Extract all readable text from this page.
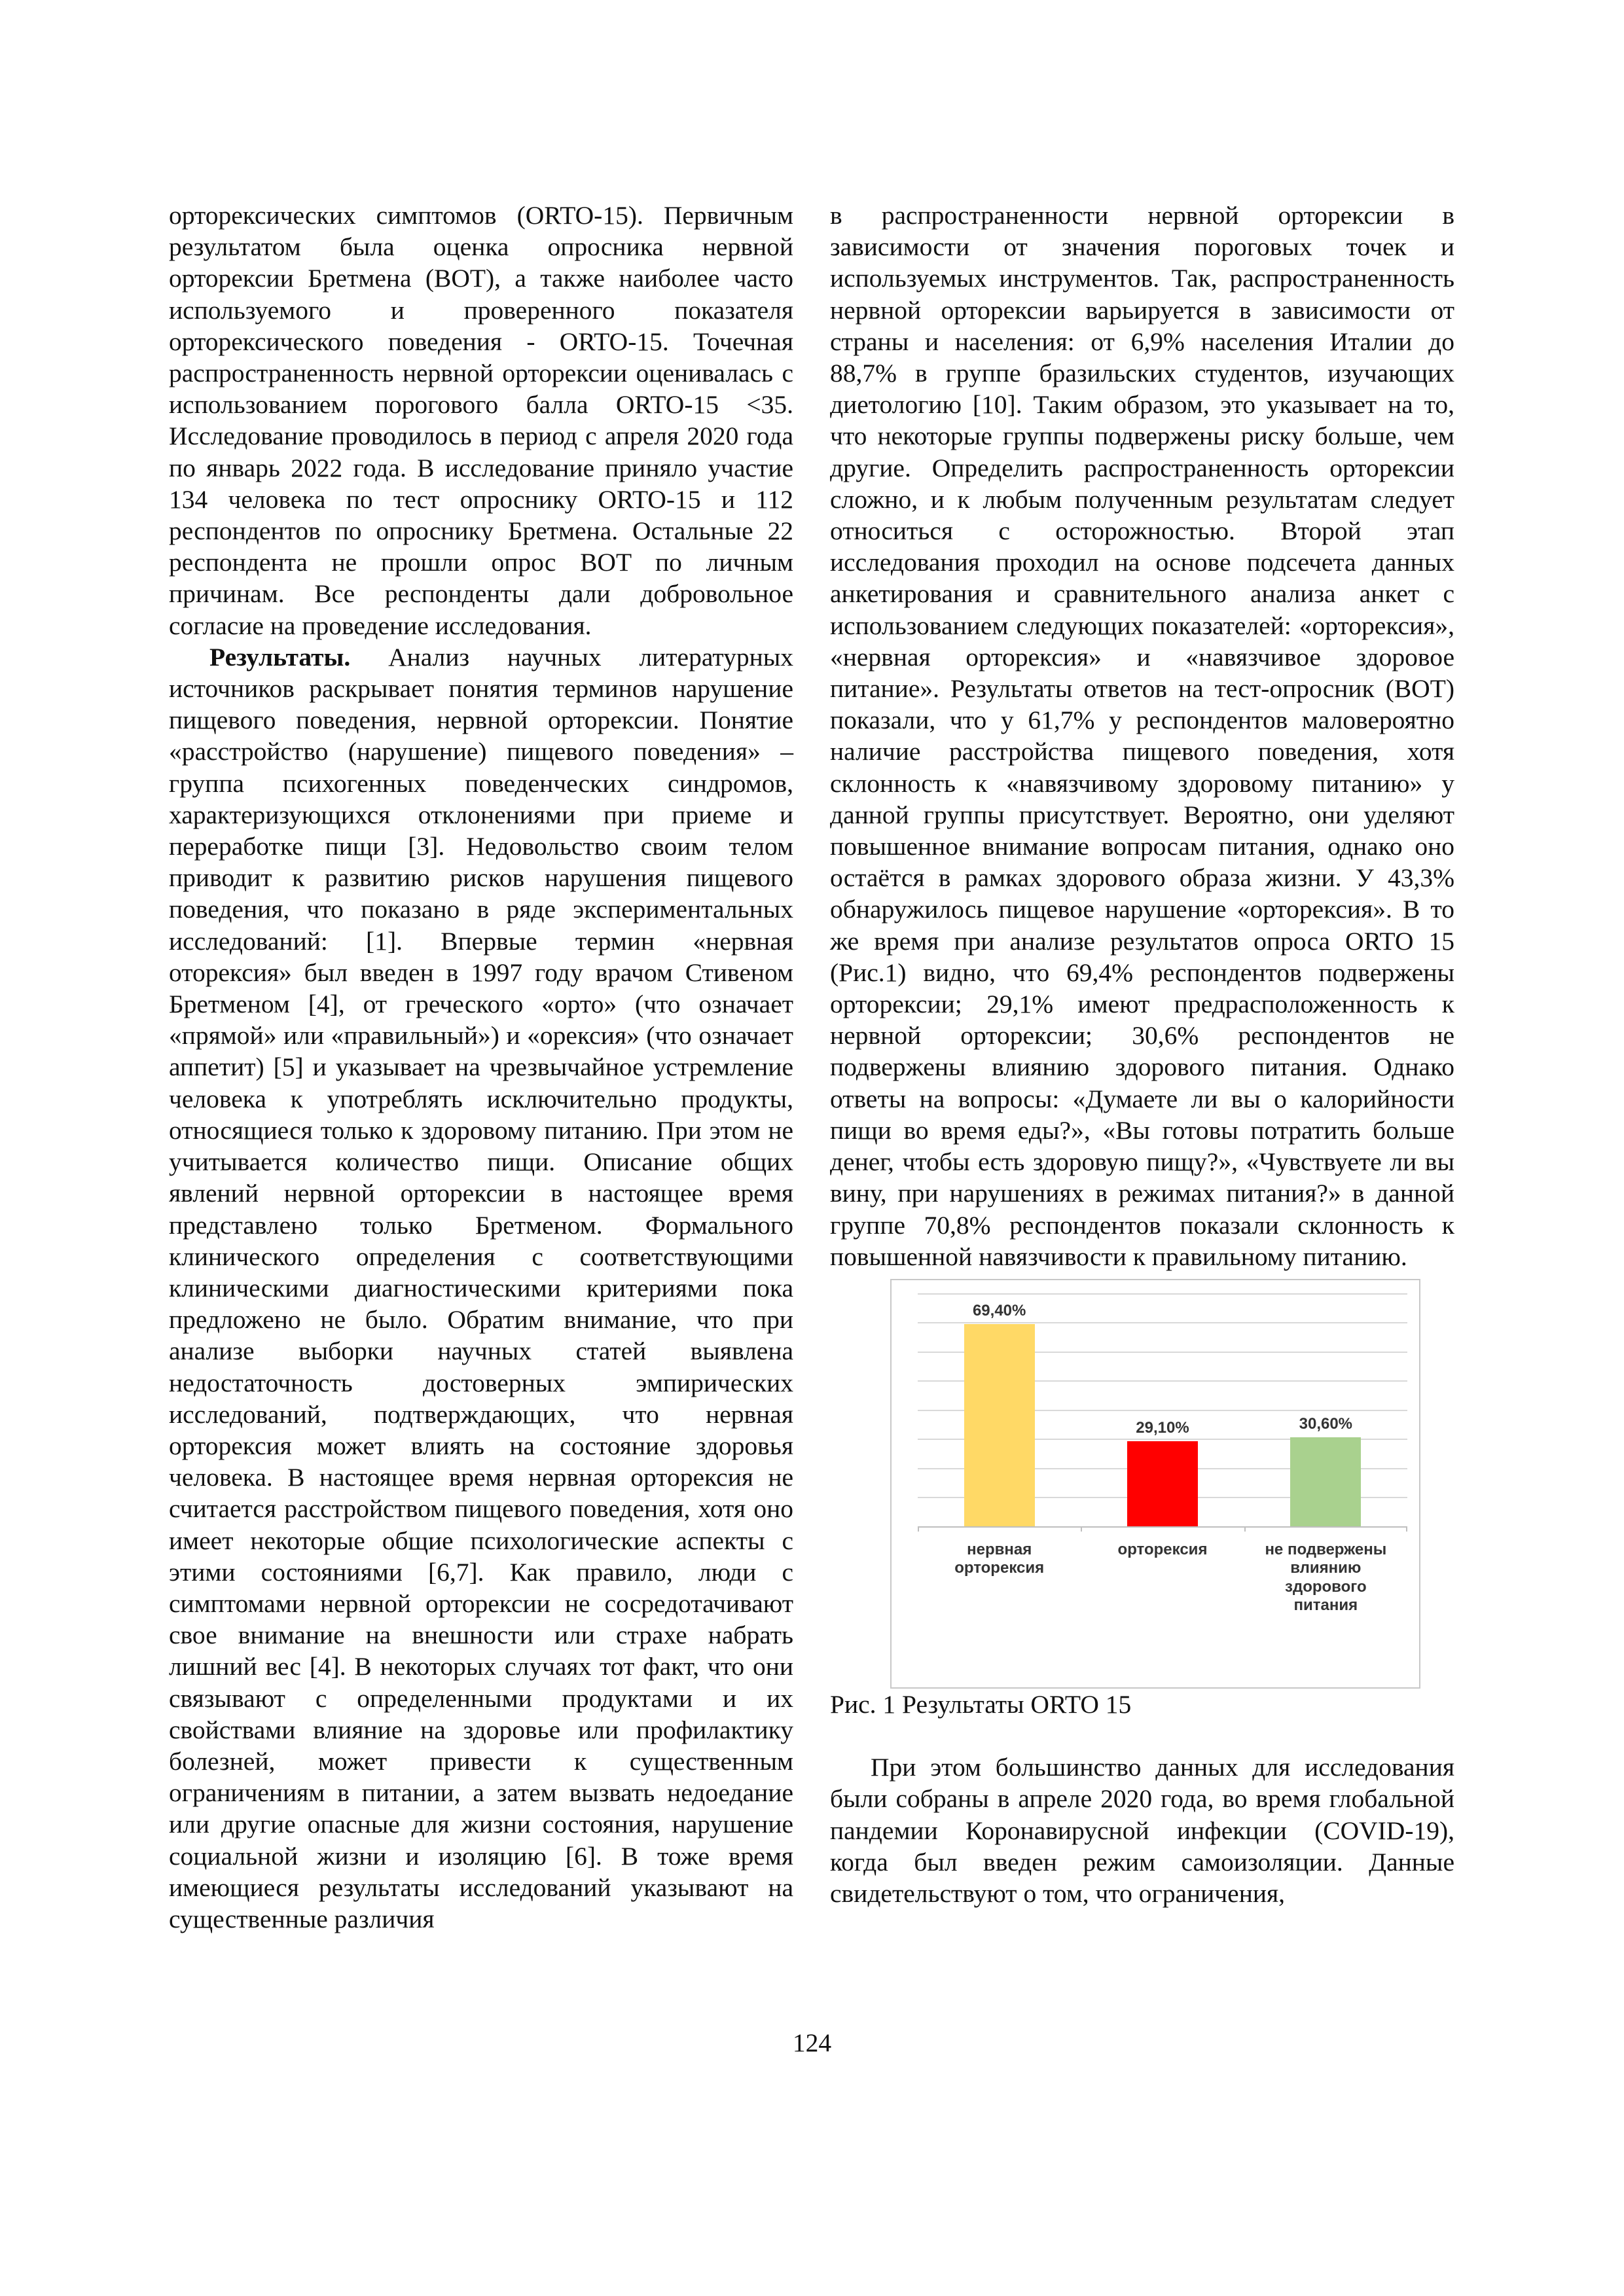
орторексических симптомов (ORTO-15). Первичным результатом была оценка опросника нервной орторексии Бретмена (BOT), а также наиболее часто используемого и проверенного показателя орторексического поведения - ORTO-15. Точечная распространенность нервной орторексии оценивалась с использованием порогового балла ORTO-15 <35. Исследование проводилось в период с апреля 2020 года по январь 2022 года. В исследование приняло участие 134 человека по тест опроснику ORTO-15 и 112 респондентов по опроснику Бретмена. Остальные 22 респондента не прошли опрос BOT по личным причинам. Все респонденты дали добровольное согласие на проведение исследования.

Результаты. Анализ научных литературных источников раскрывает понятия терминов нарушение пищевого поведения, нервной орторексии. Понятие «расстройство (нарушение) пищевого поведения» – группа психогенных поведенческих синдромов, характеризующихся отклонениями при приеме и переработке пищи [3]. Недовольство своим телом приводит к развитию рисков нарушения пищевого поведения, что показано в ряде экспериментальных исследований: [1]. Впервые термин «нервная оторексия» был введен в 1997 году врачом Стивеном Бретменом [4], от греческого «орто» (что означает «прямой» или «правильный») и «орексия» (что означает аппетит) [5] и указывает на чрезвычайное устремление человека к употреблять исключительно продукты, относящиеся только к здоровому питанию. При этом не учитывается количество пищи. Описание общих явлений нервной орторексии в настоящее время представлено только Бретменом. Формального клинического определения с соответствующими клиническими диагностическими критериями пока предложено не было. Обратим внимание, что при анализе выборки научных статей выявлена недостаточность достоверных эмпирических исследований, подтверждающих, что нервная орторексия может влиять на состояние здоровья человека. В настоящее время нервная орторексия не считается расстройством пищевого поведения, хотя оно имеет некоторые общие психологические аспекты с этими состояниями [6,7]. Как правило, люди с симптомами нервной орторексии не сосредотачивают свое внимание на внешности или страхе набрать лишний вес [4]. В некоторых случаях тот факт, что они связывают с определенными продуктами и их свойствами влияние на здоровье или профилактику болезней, может привести к существенным ограничениям в питании, а затем вызвать недоедание или другие опасные для жизни состояния, нарушение социальной жизни и изоляцию [6]. В тоже время имеющиеся результаты исследований указывают на существенные различия

в распространенности нервной орторексии в зависимости от значения пороговых точек и используемых инструментов. Так, распространенность нервной орторексии варьируется в зависимости от страны и населения: от 6,9% населения Италии до 88,7% в группе бразильских студентов, изучающих диетологию [10]. Таким образом, это указывает на то, что некоторые группы подвержены риску больше, чем другие. Определить распространенность орторексии сложно, и к любым полученным результатам следует относиться с осторожностью. Второй этап исследования проходил на основе подсечета данных анкетирования и сравнительного анализа анкет с использованием следующих показателей: «орторексия», «нервная орторексия» и «навязчивое здоровое питание». Результаты ответов на тест-опросник (BOT) показали, что у 61,7% у респондентов маловероятно наличие расстройства пищевого поведения, хотя склонность к «навязчивому здоровому питанию» у данной группы присутствует. Вероятно, они уделяют повышенное внимание вопросам питания, однако оно остаётся в рамках здорового образа жизни. У 43,3% обнаружилось пищевое нарушение «орторексия». В то же время при анализе результатов опроса ORTO 15 (Рис.1) видно, что 69,4% респондентов подвержены орторексии; 29,1% имеют предрасположенность к нервной орторексии; 30,6% респондентов не подвержены влиянию здорового питания. Однако ответы на вопросы: «Думаете ли вы о калорийности пищи во время еды?», «Вы готовы потратить больше денег, чтобы есть здоровую пищу?», «Чувствуете ли вы вину, при нарушениях в режимах питания?» в данной группе 70,8% респондентов показали склонность к повышенной навязчивости к правильному питанию.

69,40%
нервная
орторексия
29,10%
орторексия
30,60%
не подвержены
влиянию
здорового
питания

Рис. 1 Результаты ORTO 15

При этом большинство данных для исследования были собраны в апреле 2020 года, во время глобальной пандемии Коронавирусной инфекции (COVID-19), когда был введен режим самоизоляции. Данные свидетельствуют о том, что ограничения,

124
